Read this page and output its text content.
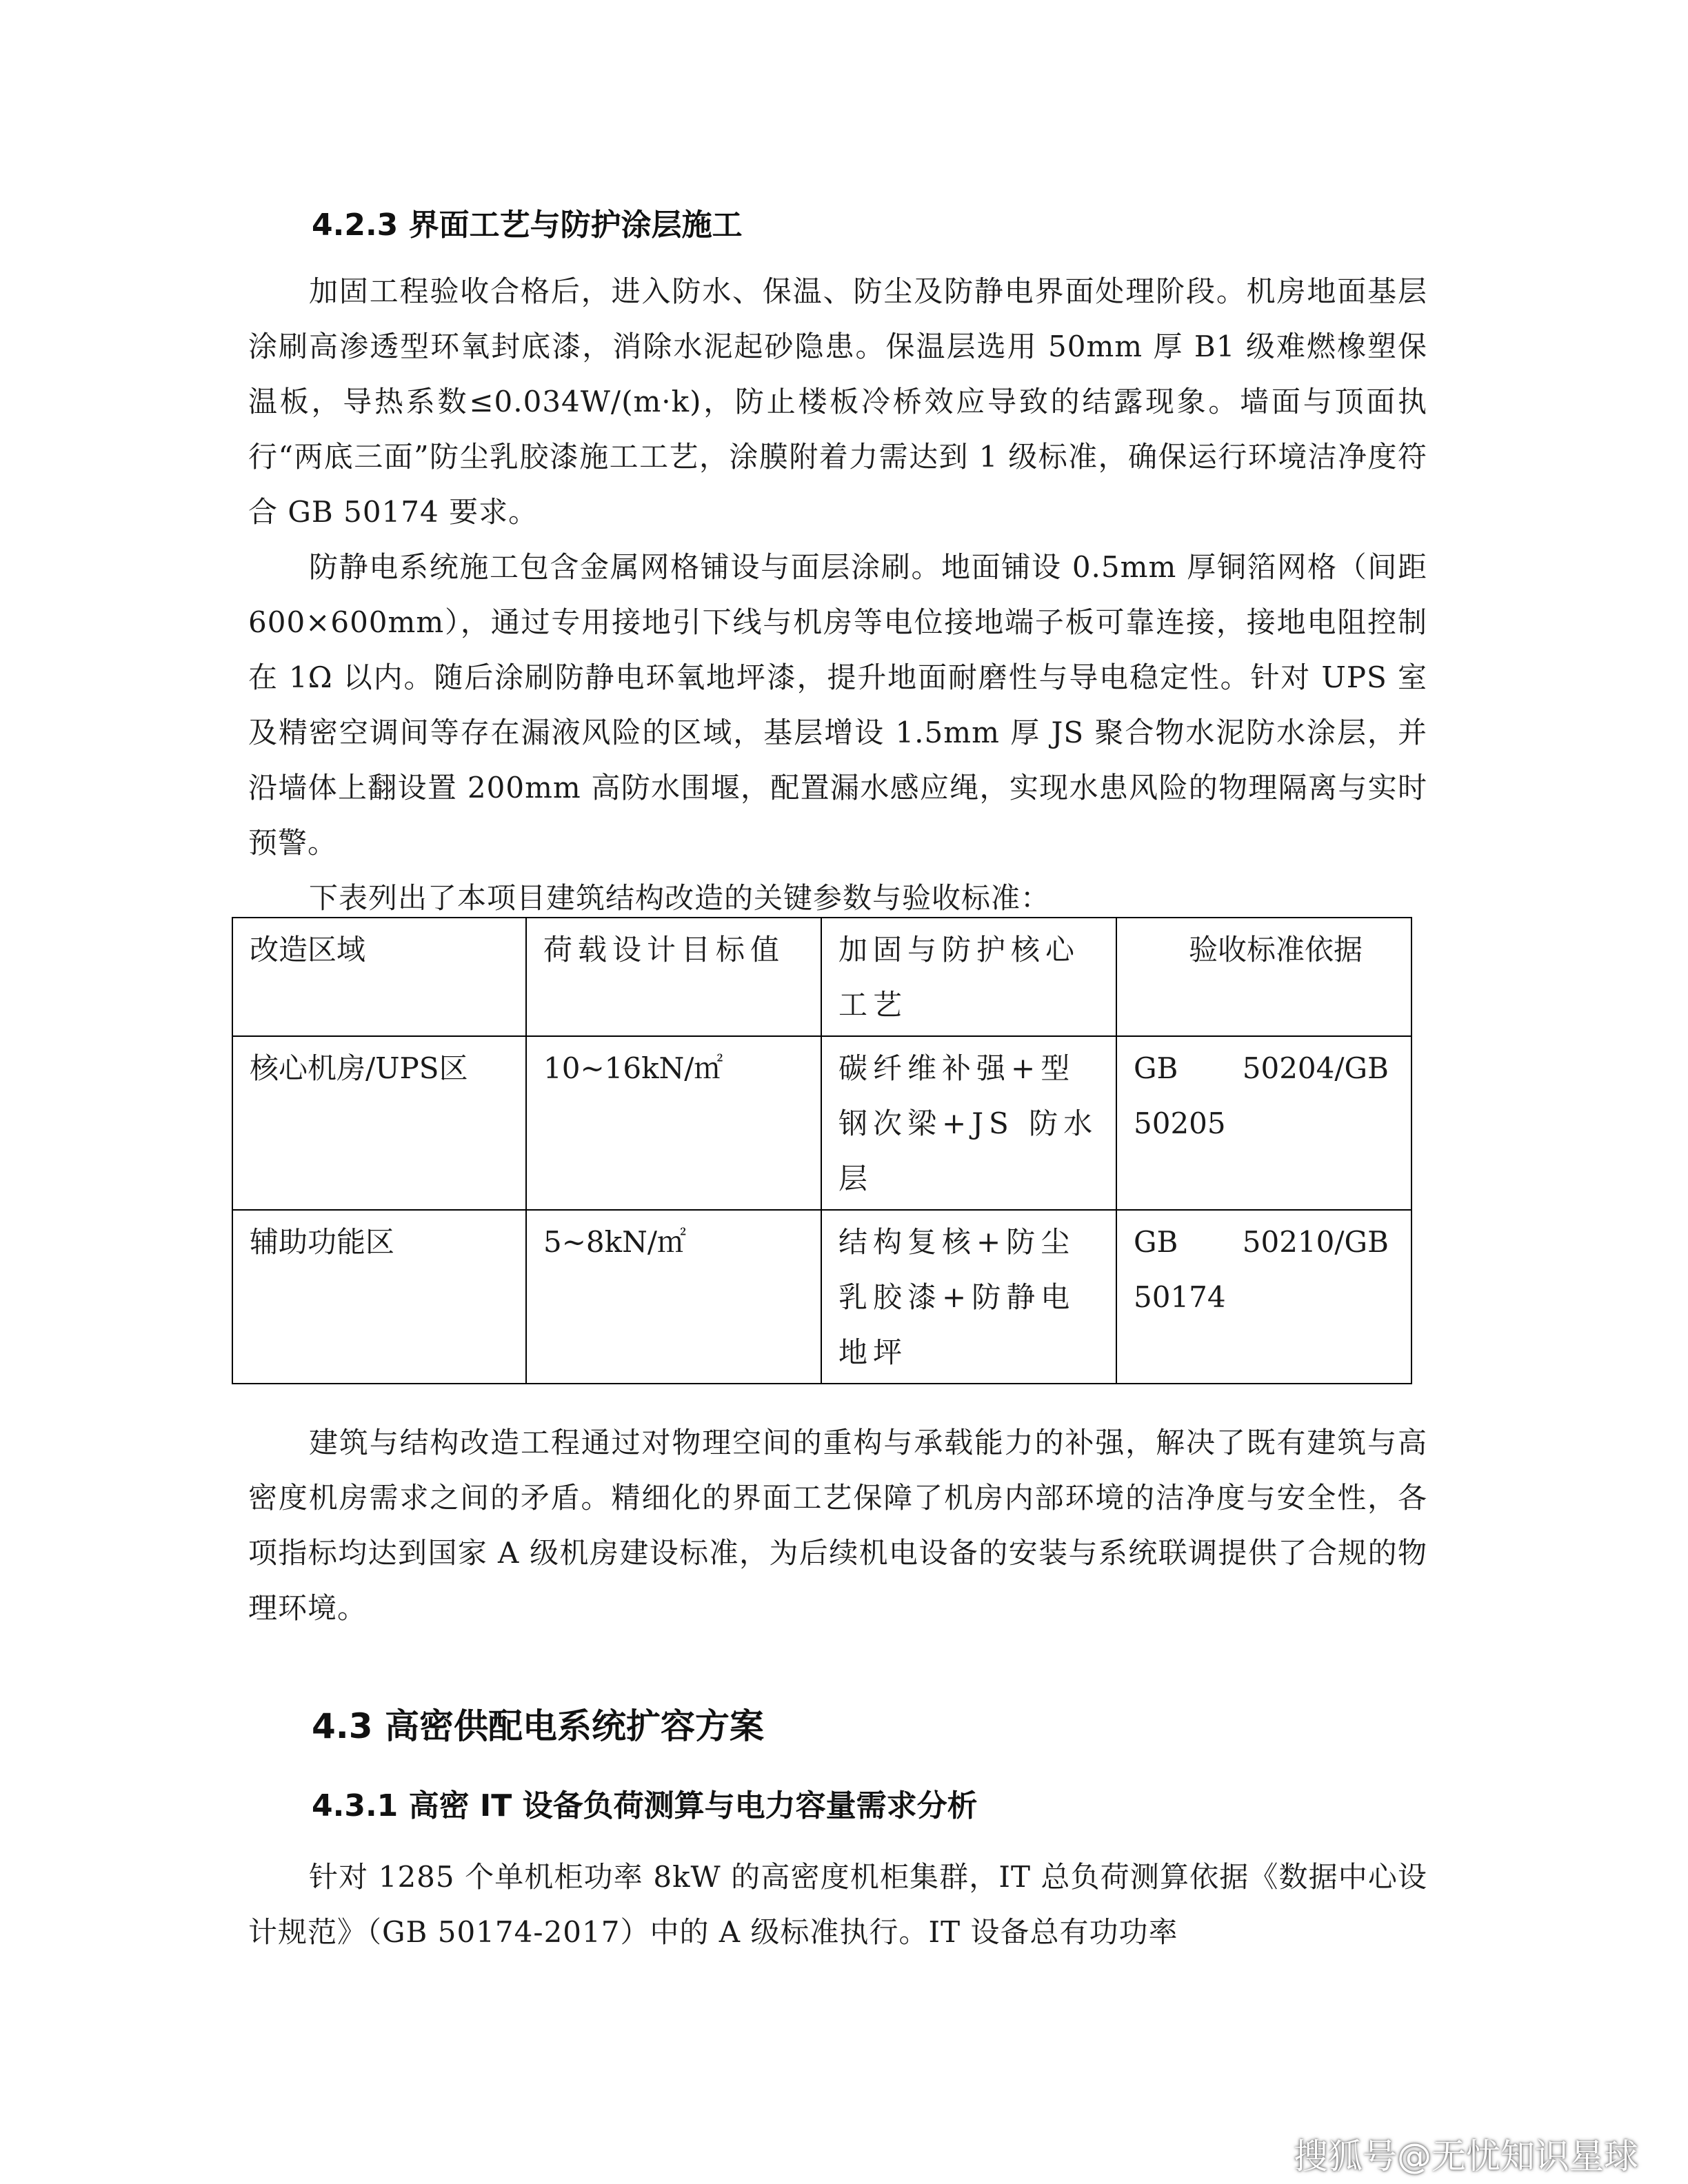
4.2.3 界面工艺与防护涂层施工

加固工程验收合格后，进入防水、保温、防尘及防静电界面处理阶段。机房地面基层涂刷高渗透型环氧封底漆，消除水泥起砂隐患。保温层选用 50mm 厚 B1 级难燃橡塑保温板，导热系数≤0.034W/(m·k)，防止楼板冷桥效应导致的结露现象。墙面与顶面执行“两底三面”防尘乳胶漆施工工艺，涂膜附着力需达到 1 级标准，确保运行环境洁净度符合 GB 50174 要求。

防静电系统施工包含金属网格铺设与面层涂刷。地面铺设 0.5mm 厚铜箔网格（间距 600×600mm），通过专用接地引下线与机房等电位接地端子板可靠连接，接地电阻控制在 1Ω 以内。随后涂刷防静电环氧地坪漆，提升地面耐磨性与导电稳定性。针对 UPS 室及精密空调间等存在漏液风险的区域，基层增设 1.5mm 厚 JS 聚合物水泥防水涂层，并沿墙体上翻设置 200mm 高防水围堰，配置漏水感应绳，实现水患风险的物理隔离与实时预警。

下表列出了本项目建筑结构改造的关键参数与验收标准：

改造区域	荷载设计目标值	加固与防护核心工艺	验收标准依据
核心机房/UPS区	10~16kN/㎡	碳纤维补强+型钢次梁+JS 防水层	GB 50204/GB 50205
辅助功能区	5~8kN/㎡	结构复核+防尘乳胶漆+防静电地坪	GB 50210/GB 50174

建筑与结构改造工程通过对物理空间的重构与承载能力的补强，解决了既有建筑与高密度机房需求之间的矛盾。精细化的界面工艺保障了机房内部环境的洁净度与安全性，各项指标均达到国家 A 级机房建设标准，为后续机电设备的安装与系统联调提供了合规的物理环境。

4.3 高密供配电系统扩容方案
4.3.1 高密 IT 设备负荷测算与电力容量需求分析

针对 1285 个单机柜功率 8kW 的高密度机柜集群，IT 总负荷测算依据《数据中心设计规范》（GB 50174-2017）中的 A 级标准执行。IT 设备总有功功率

搜狐号@无忧知识星球
